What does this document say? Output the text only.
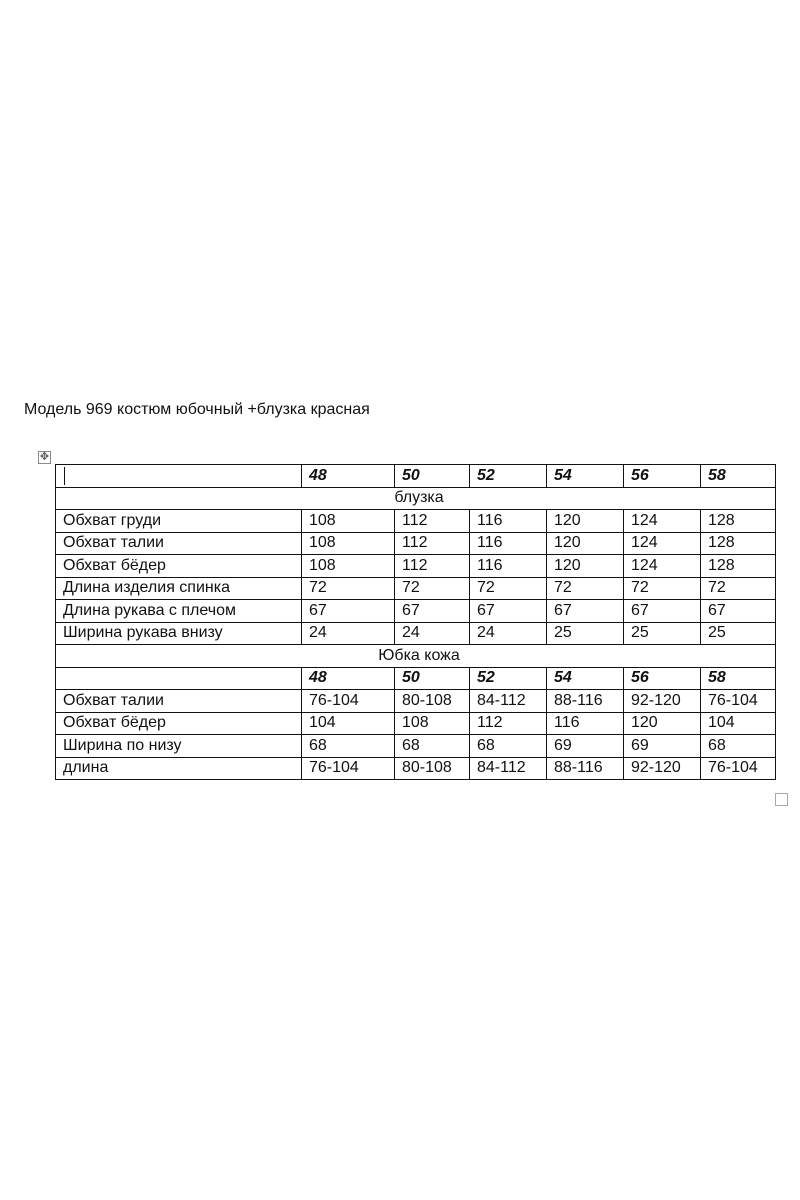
Модель 969 костюм юбочный +блузка красная
✥
	48	50	52	54	56	58
блузка						
Обхват груди	108	112	116	120	124	128
Обхват талии	108	112	116	120	124	128
Обхват бёдер	108	112	116	120	124	128
Длина изделия спинка	72	72	72	72	72	72
Длина рукава с плечом	67	67	67	67	67	67
Ширина рукава внизу	24	24	24	25	25	25
Юбка кожа						
	48	50	52	54	56	58
Обхват талии	76-104	80-108	84-112	88-116	92-120	76-104
Обхват бёдер	104	108	112	116	120	104
Ширина по низу	68	68	68	69	69	68
длина	76-104	80-108	84-112	88-116	92-120	76-104
